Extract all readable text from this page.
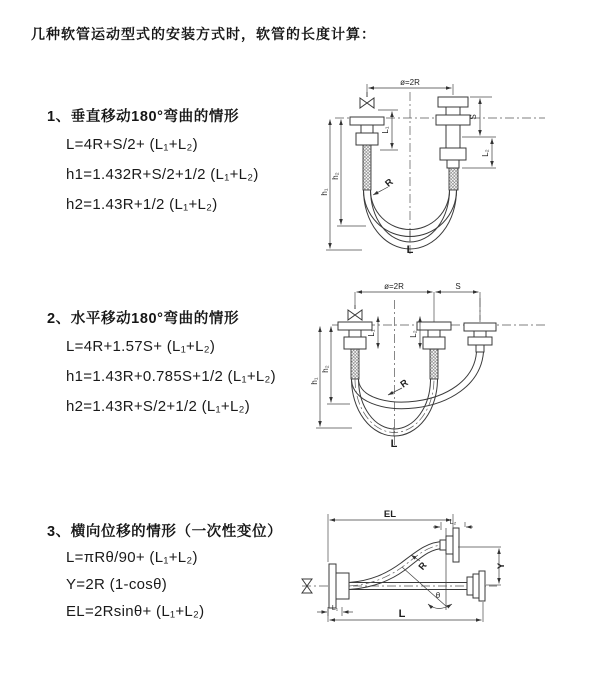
几种软管运动型式的安装方式时，软管的长度计算：
1、垂直移动180°弯曲的情形
L=4R+S/2+ (L₁+L₂)
h1=1.432R+S/2+1/2 (L₁+L₂)
h2=1.43R+1/2 (L₁+L₂)
2、水平移动180°弯曲的情形
L=4R+1.57S+ (L₁+L₂)
h1=1.43R+0.785S+1/2 (L₁+L₂)
h2=1.43R+S/2+1/2 (L₁+L₂)
3、横向位移的情形（一次性变位）
L=πRθ/90+ (L₁+L₂)
Y=2R (1-cosθ)
EL=2Rsinθ+ (L₁+L₂)
ø=2R
S
L₂
L₁
h₁
h₂
R
L
ø=2R	S
L₁	L₂
h₁
h₂
R
L
θ
R
EL
L₂
Y
L
L₁
